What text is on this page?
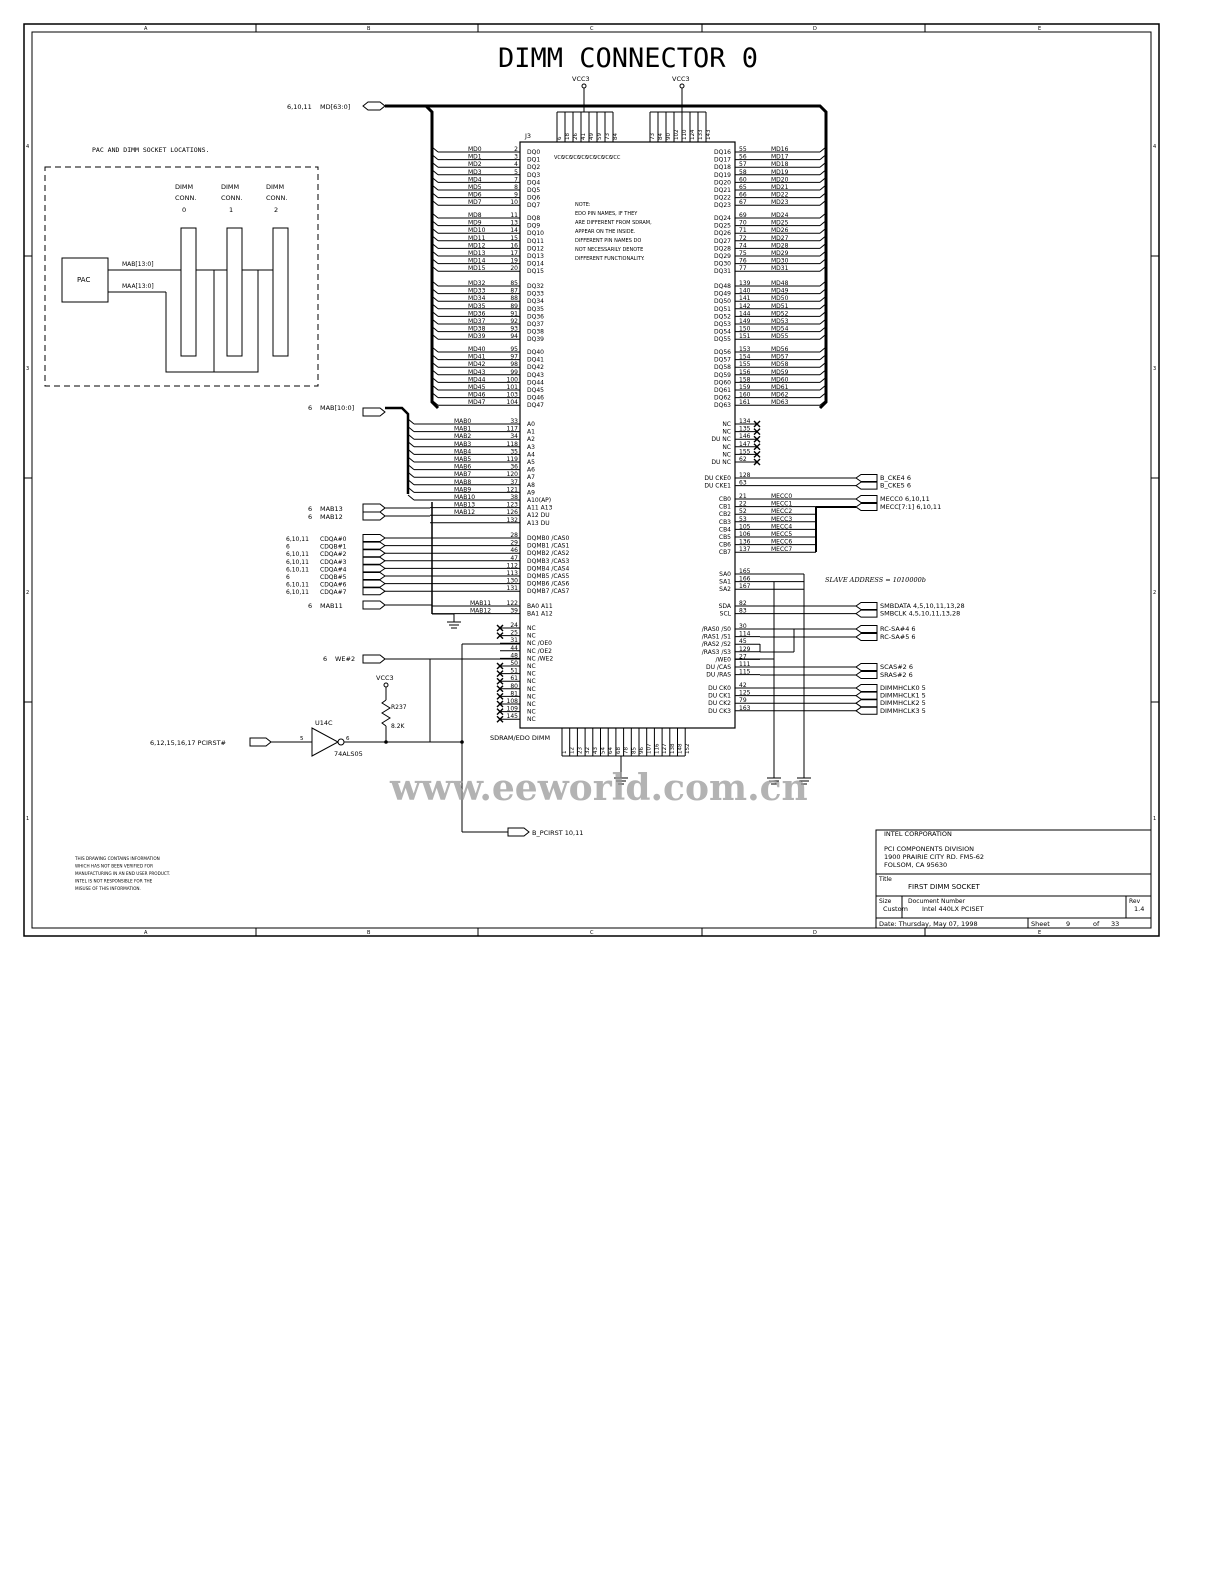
A	B	C	D	E
A	B	C	D	E
4
3
2
1
4
3
2
1
DIMM CONNECTOR 0
VCC3	VCC3
6,10,11 MD[63:0]
PAC AND DIMM SOCKET LOCATIONS.
PAC
MAB[13:0]
MAA[13:0]
DIMM	DIMM	DIMM
CONN.	CONN.	CONN.
0	1	2
J3
SDRAM/EDO DIMM
6
VCC
18
VCC
26
VCC
41
VCC
49
VCC
59
VCC
73
VCC
84
VCC
73 84 90 102 110 124 133 143
1 12 23 32 43 54 64 68 78 85 96 107 116 127 138 148 152
NOTE:
EDO PIN NAMES, IF THEY
ARE DIFFERENT FROM SDRAM,
APPEAR ON THE INSIDE.
DIFFERENT PIN NAMES DO
NOT NECESSARILY DENOTE
DIFFERENT FUNCTIONALITY.
MD0	2 DQ0
MD1	3 DQ1
MD2	4 DQ2
MD3	5 DQ3
MD4	7 DQ4
MD5	8 DQ5
MD6	9 DQ6
MD7	10 DQ7
MD8	11 DQ8
MD9	13 DQ9
MD10	14 DQ10
MD11	15 DQ11
MD12	16 DQ12
MD13	17 DQ13
MD14	19 DQ14
MD15	20 DQ15
MD32	85 DQ32
MD33	87 DQ33
MD34	88 DQ34
MD35	89 DQ35
MD36	91 DQ36
MD37	92 DQ37
MD38	93 DQ38
MD39	94 DQ39
MD40	95 DQ40
MD41	97 DQ41
MD42	98 DQ42
MD43	99 DQ43
MD44	100 DQ44
MD45	101 DQ45
MD46	103 DQ46
MD47	104 DQ47
DQ16 55	MD16
DQ17 56	MD17
DQ18 57	MD18
DQ19 58	MD19
DQ20 60	MD20
DQ21 65	MD21
DQ22 66	MD22
DQ23 67	MD23
DQ24 69	MD24
DQ25 70	MD25
DQ26 71	MD26
DQ27 72	MD27
DQ28 74	MD28
DQ29 75	MD29
DQ30 76	MD30
DQ31 77	MD31
DQ48 139	MD48
DQ49 140	MD49
DQ50 141	MD50
DQ51 142	MD51
DQ52 144	MD52
DQ53 149	MD53
DQ54 150	MD54
DQ55 151	MD55
DQ56 153	MD56
DQ57 154	MD57
DQ58 155	MD58
DQ59 156	MD59
DQ60 158	MD60
DQ61 159	MD61
DQ62 160	MD62
DQ63 161	MD63
MAB0	33 A0
MAB1	117 A1
MAB2	34 A2
MAB3	118 A3
MAB4	35 A4
MAB5	119 A5
MAB6	36 A6
MAB7	120 A7
MAB8	37 A8
MAB9	121 A9
MAB10	38 A10(AP)
MAB13	123 A11 A13
MAB12	126 A12 DU
132 A13 DU
6 MAB13
6 MAB12
6,10,11 CDQA#0
28 DQMB0 /CAS0
6	CDQB#1
29 DQMB1 /CAS1
6,10,11 CDQA#2
46 DQMB2 /CAS2
6,10,11 CDQA#3
47 DQMB3 /CAS3
6,10,11 CDQA#4
112 DQMB4 /CAS4
6	CDQB#5
113 DQMB5 /CAS5
6,10,11 CDQA#6
130 DQMB6 /CAS6
6,10,11 CDQA#7
131 DQMB7 /CAS7
MAB11	122 BA0 A11
MAB12	39 BA1 A12
6 MAB11
24 NC
25 NC
31 NC /OE0
44 NC /OE2
48 NC /WE2
50 NC
51 NC
61 NC
80 NC
81 NC
108 NC
109 NC
145 NC
NC 134
NC 135
DU NC 146
NC 147
NC 155
DU NC 62
DU CKE0 128	B_CKE4 6
DU CKE1 63	B_CKE5 6
CB0 21	MECC0
CB1 22	MECC1
CB2 52	MECC2
CB3 53	MECC3
CB4 105	MECC4
CB5 106	MECC5
CB6 136	MECC6
CB7 137	MECC7
MECC0 6,10,11
MECC[7:1] 6,10,11
SA0 165
SA1 166
SA2 167
SDA 82	SMBDATA 4,5,10,11,13,28
SCL 83	SMBCLK 4,5,10,11,13,28
/RAS0 /S0 30
/RAS1 /S1 114
/RAS2 /S2 45
/RAS3 /S3 129
/WE0 27
DU /CAS 111
DU /RAS 115
RC-SA#4 6
RC-SA#5 6
SCAS#2 6
SRAS#2 6
DU CK0 42	DIMMHCLK0 5
DU CK1 125	DIMMHCLK1 5
DU CK2 79	DIMMHCLK2 5
DU CK3 163	DIMMHCLK3 5
6 MAB[10:0]
6,12,15,16,17 PCIRST#	5
U14C
6
74ALS05
VCC3
R237
8.2K
B_PCIRST 10,11
6 WE#2
SLAVE ADDRESS = 1010000b
www.eeworld.com.cn
THIS DRAWING CONTAINS INFORMATION
WHICH HAS NOT BEEN VERIFIED FOR
MANUFACTURING IN AN END USER PRODUCT.
INTEL IS NOT RESPONSIBLE FOR THE
MISUSE OF THIS INFORMATION.
INTEL CORPORATION
PCI COMPONENTS DIVISION
1900 PRAIRIE CITY RD. FM5-62
FOLSOM, CA 95630
Title
FIRST DIMM SOCKET
Size
Custom
Document Number
Intel 440LX PCISET
Rev
1.4
Date: Thursday, May 07, 1998	Sheet 9	of 33
